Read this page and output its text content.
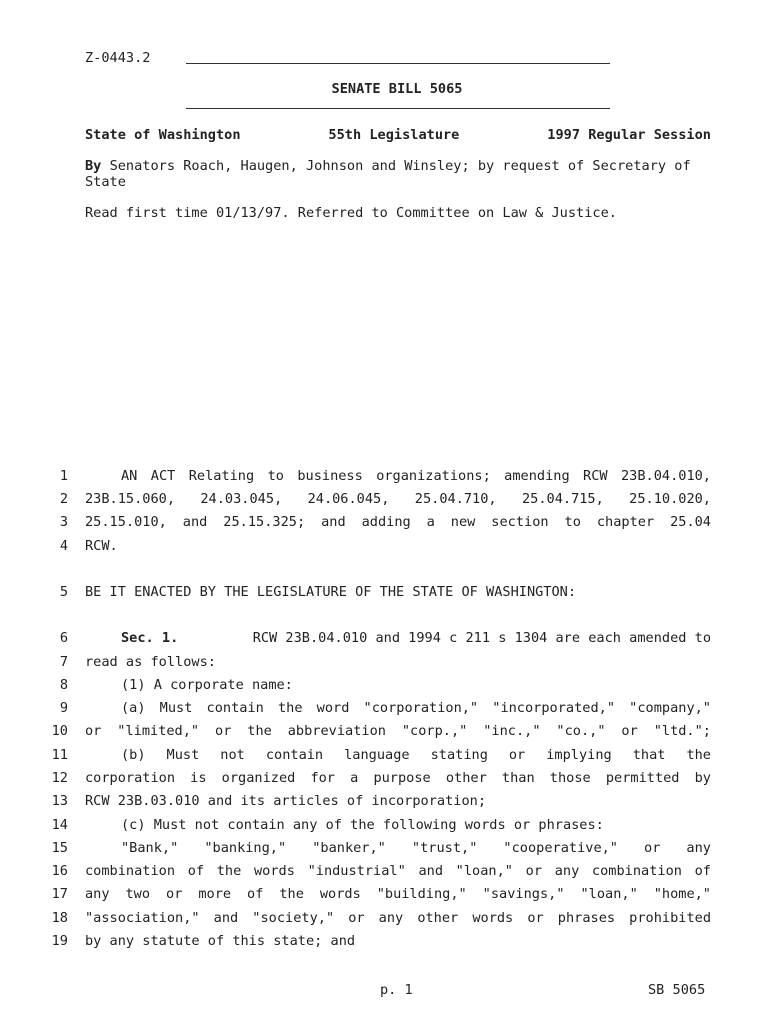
Z-0443.2
SENATE BILL 5065
State of Washington	55th Legislature	1997 Regular Session
By Senators Roach, Haugen, Johnson and Winsley; by request of Secretary of State
Read first time 01/13/97. Referred to Committee on Law & Justice.
1	AN ACT Relating to business organizations; amending RCW 23B.04.010,
2 23B.15.060, 24.03.045, 24.06.045, 25.04.710, 25.04.715, 25.10.020,
3 25.15.010, and 25.15.325; and adding a new section to chapter 25.04
4 RCW.
5 BE IT ENACTED BY THE LEGISLATURE OF THE STATE OF WASHINGTON:
6	Sec. 1.	RCW 23B.04.010 and 1994 c 211 s 1304 are each amended to
7 read as follows:
8	(1) A corporate name:
9	(a) Must contain the word "corporation," "incorporated," "company,"
10 or "limited," or the abbreviation "corp.," "inc.," "co.," or "ltd.";
11	(b) Must not contain language stating or implying that the
12 corporation is organized for a purpose other than those permitted by
13 RCW 23B.03.010 and its articles of incorporation;
14	(c) Must not contain any of the following words or phrases:
15	"Bank," "banking," "banker," "trust," "cooperative," or any
16 combination of the words "industrial" and "loan," or any combination of
17 any two or more of the words "building," "savings," "loan," "home,"
18 "association," and "society," or any other words or phrases prohibited
19 by any statute of this state; and
p. 1	SB 5065
